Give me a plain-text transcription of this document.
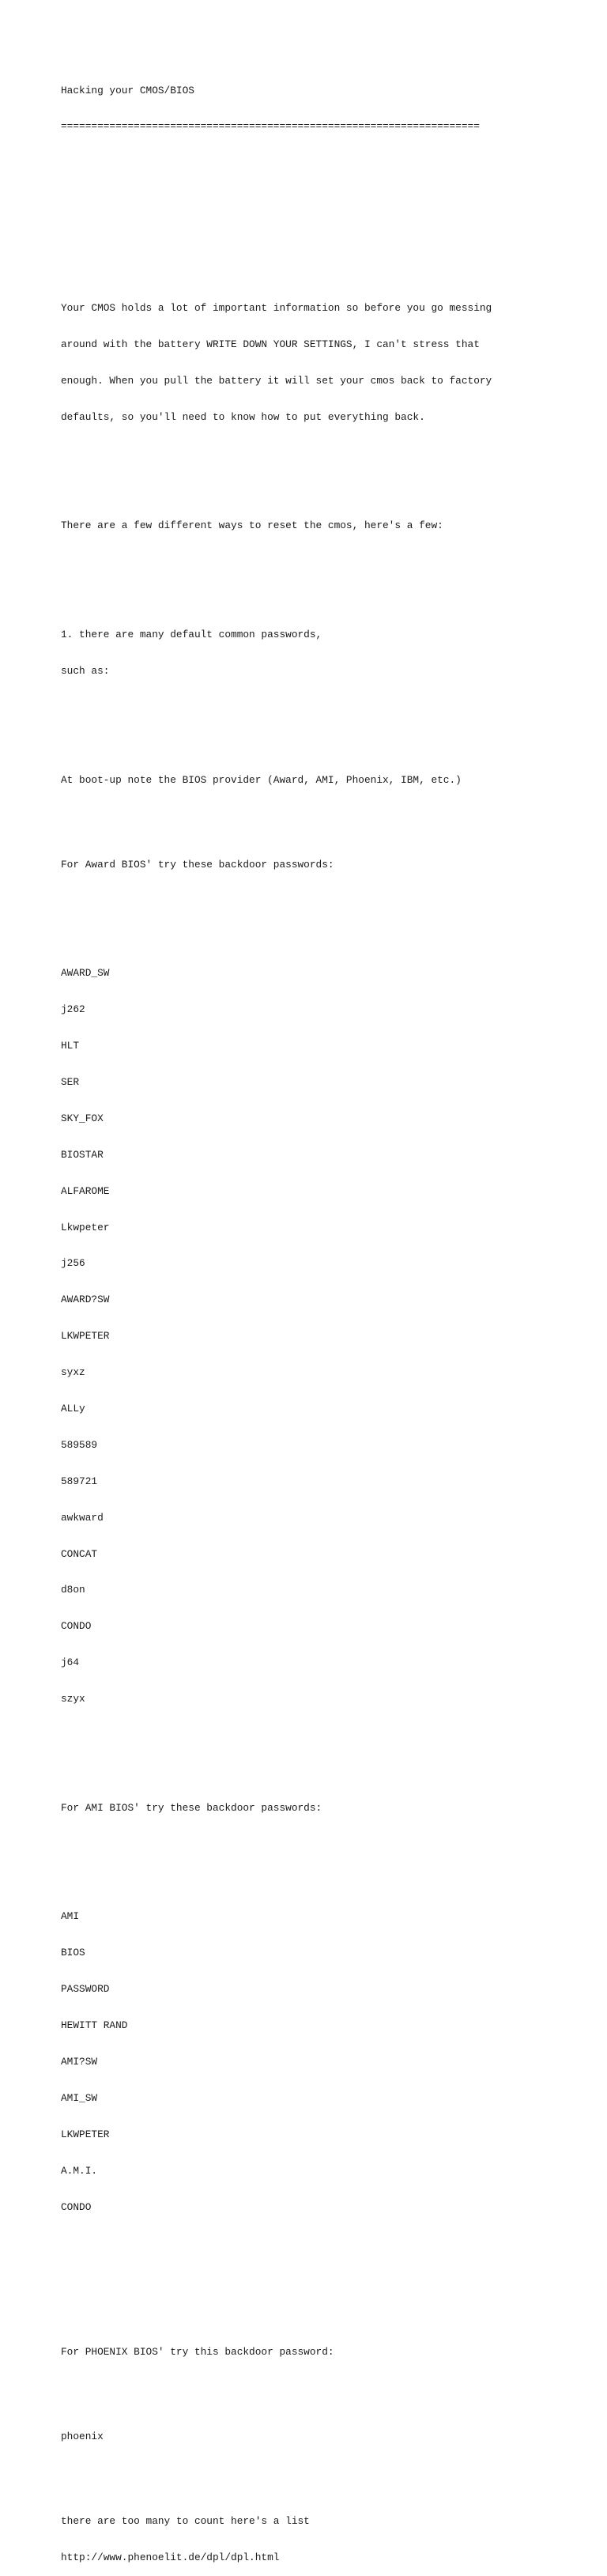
Hacking your CMOS/BIOS

=====================================================================

Your CMOS holds a lot of important information so before you go messing

around with the battery WRITE DOWN YOUR SETTINGS, I can't stress that

enough. When you pull the battery it will set your cmos back to factory

defaults, so you'll need to know how to put everything back.

There are a few different ways to reset the cmos, here's a few:

1. there are many default common passwords,

such as:

At boot-up note the BIOS provider (Award, AMI, Phoenix, IBM, etc.)

For Award BIOS' try these backdoor passwords:

AWARD_SW

j262

HLT

SER

SKY_FOX

BIOSTAR

ALFAROME

Lkwpeter

j256

AWARD?SW

LKWPETER

syxz

ALLy

589589

589721

awkward

CONCAT

d8on

CONDO

j64

szyx

For AMI BIOS' try these backdoor passwords:

AMI

BIOS

PASSWORD

HEWITT RAND

AMI?SW

AMI_SW

LKWPETER

A.M.I.

CONDO

For PHOENIX BIOS' try this backdoor password:

phoenix

there are too many to count here's a list

http://www.phenoelit.de/dpl/dpl.html
